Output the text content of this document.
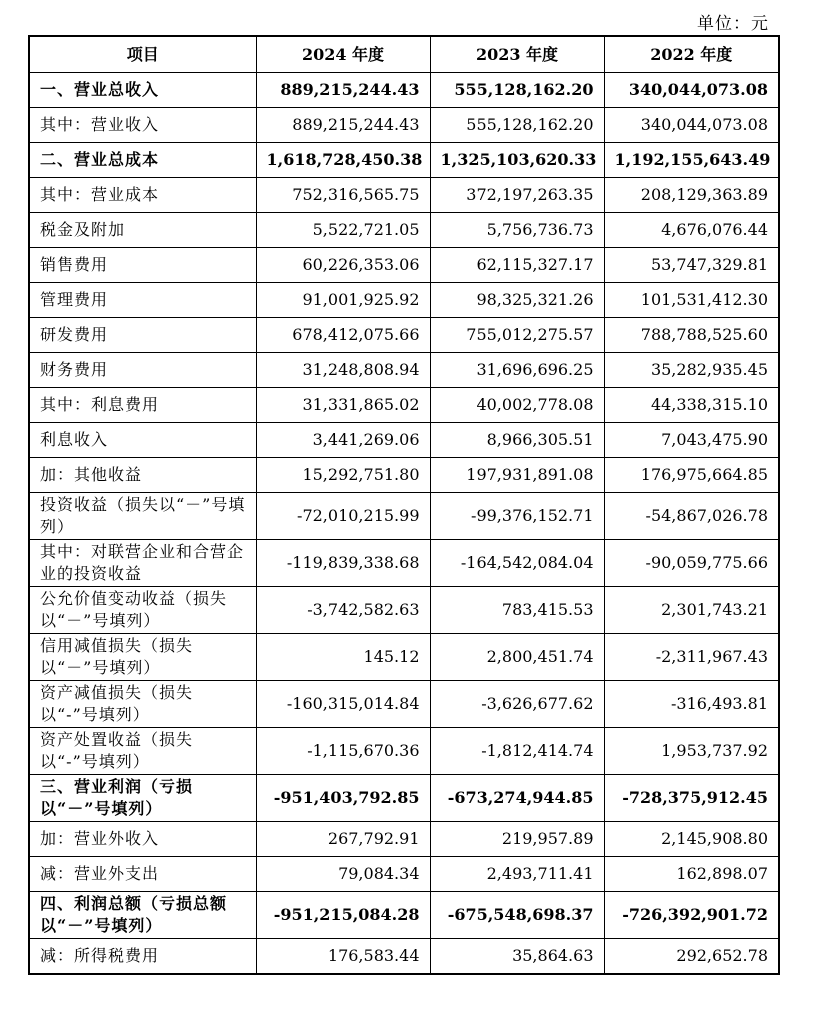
单位：元
项目	2024 年度	2023 年度	2022 年度
一、营业总收入	889,215,244.43	555,128,162.20	340,044,073.08
其中：营业收入	889,215,244.43	555,128,162.20	340,044,073.08
二、营业总成本	1,618,728,450.38	1,325,103,620.33	1,192,155,643.49
其中：营业成本	752,316,565.75	372,197,263.35	208,129,363.89
税金及附加	5,522,721.05	5,756,736.73	4,676,076.44
销售费用	60,226,353.06	62,115,327.17	53,747,329.81
管理费用	91,001,925.92	98,325,321.26	101,531,412.30
研发费用	678,412,075.66	755,012,275.57	788,788,525.60
财务费用	31,248,808.94	31,696,696.25	35,282,935.45
其中：利息费用	31,331,865.02	40,002,778.08	44,338,315.10
利息收入	3,441,269.06	8,966,305.51	7,043,475.90
加：其他收益	15,292,751.80	197,931,891.08	176,975,664.85
投资收益（损失以“－”号填列）	-72,010,215.99	-99,376,152.71	-54,867,026.78
其中：对联营企业和合营企业的投资收益	-119,839,338.68	-164,542,084.04	-90,059,775.66
公允价值变动收益（损失以“－”号填列）	-3,742,582.63	783,415.53	2,301,743.21
信用减值损失（损失以“－”号填列）	145.12	2,800,451.74	-2,311,967.43
资产减值损失（损失以“-”号填列）	-160,315,014.84	-3,626,677.62	-316,493.81
资产处置收益（损失以“-”号填列）	-1,115,670.36	-1,812,414.74	1,953,737.92
三、营业利润（亏损以“－”号填列）	-951,403,792.85	-673,274,944.85	-728,375,912.45
加：营业外收入	267,792.91	219,957.89	2,145,908.80
减：营业外支出	79,084.34	2,493,711.41	162,898.07
四、利润总额（亏损总额以“－”号填列）	-951,215,084.28	-675,548,698.37	-726,392,901.72
减：所得税费用	176,583.44	35,864.63	292,652.78
